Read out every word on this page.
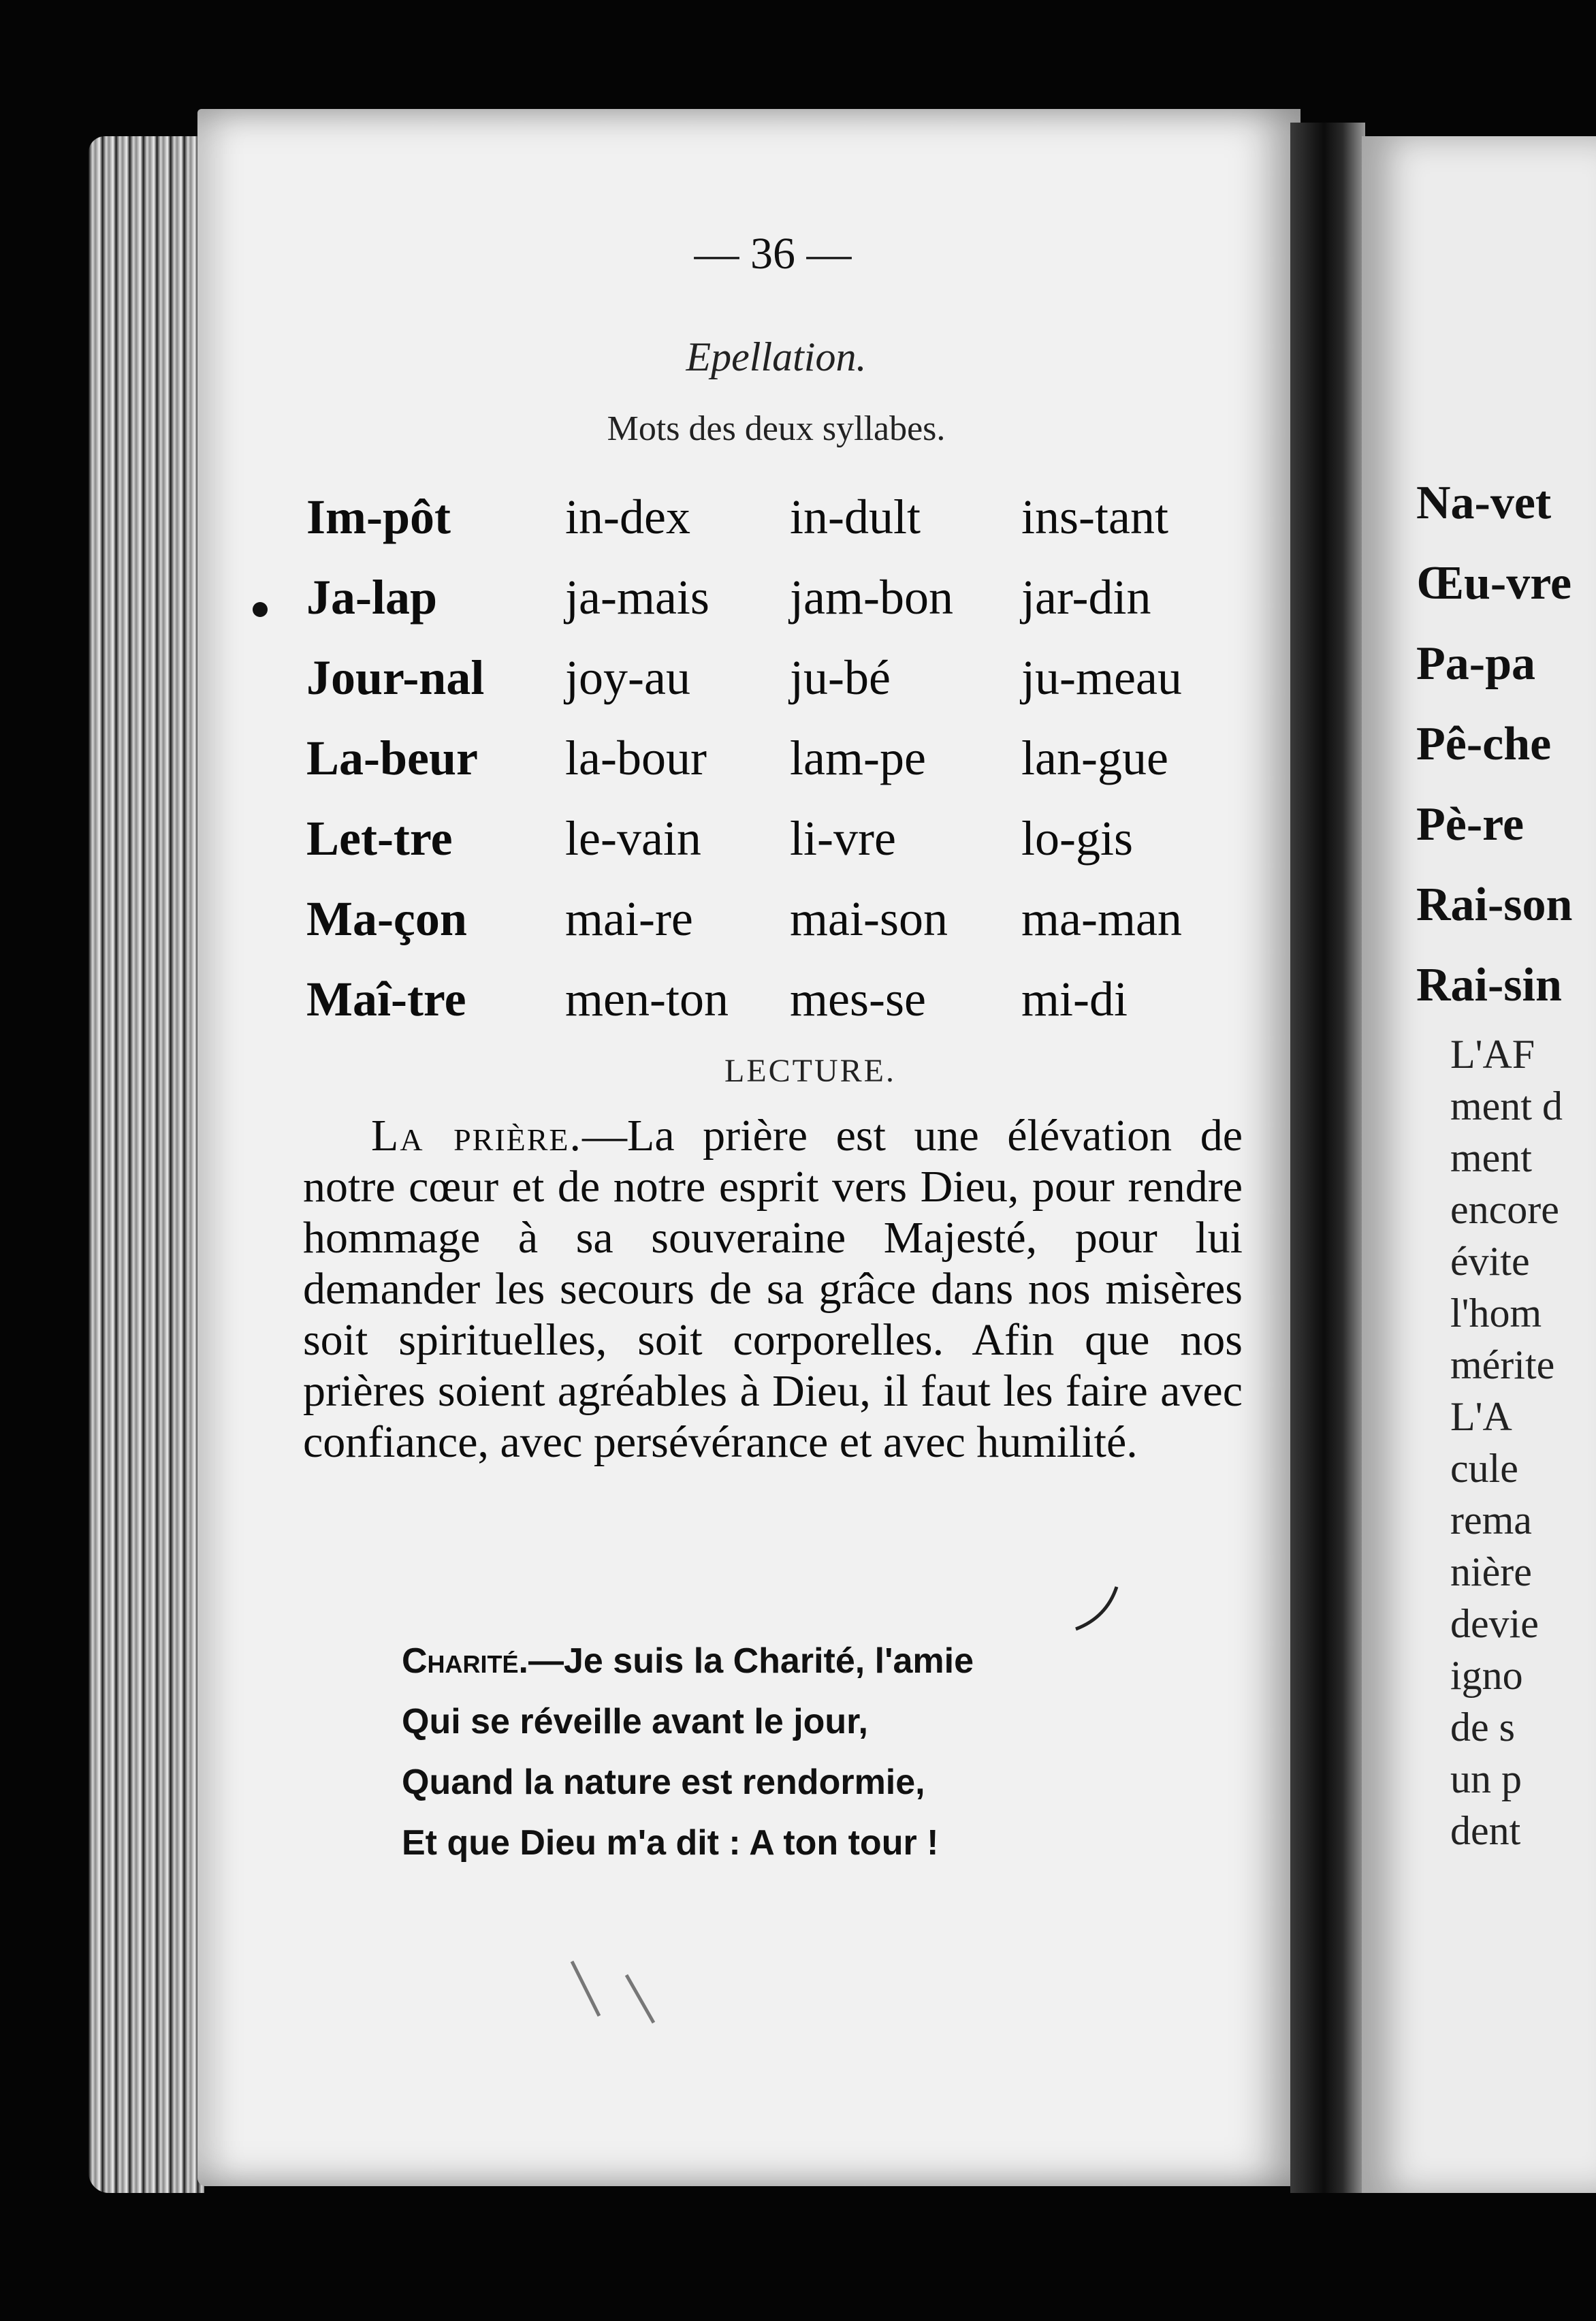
— 36 —
Epellation.
Mots des deux syllabes.
Im-pôt	in-dex	in-dult	ins-tant
Ja-lap	ja-mais	jam-bon	jar-din
Jour-nal	joy-au	ju-bé	ju-meau
La-beur	la-bour	lam-pe	lan-gue
Let-tre	le-vain	li-vre	lo-gis
Ma-çon	mai-re	mai-son	ma-man
Maî-tre	men-ton	mes-se	mi-di
LECTURE.
La prière.—La prière est une élévation de notre cœur et de notre esprit vers Dieu, pour rendre hommage à sa souveraine Majesté, pour lui demander les secours de sa grâce dans nos misères soit spirituelles, soit corporelles. Afin que nos prières soient agréables à Dieu, il faut les faire avec confiance, avec persévérance et avec humilité.
Charité.—Je suis la Charité, l'amie
Qui se réveille avant le jour,
Quand la nature est rendormie,
Et que Dieu m'a dit : A ton tour !
Na-vet
Œu-vre
Pa-pa
Pê-che
Pè-re
Rai-son
Rai-sin
L'AF
ment d
ment
encore
évite
l'hom
mérite
L'A
cule
rema
nière
devie
igno
de s
un p
dent
